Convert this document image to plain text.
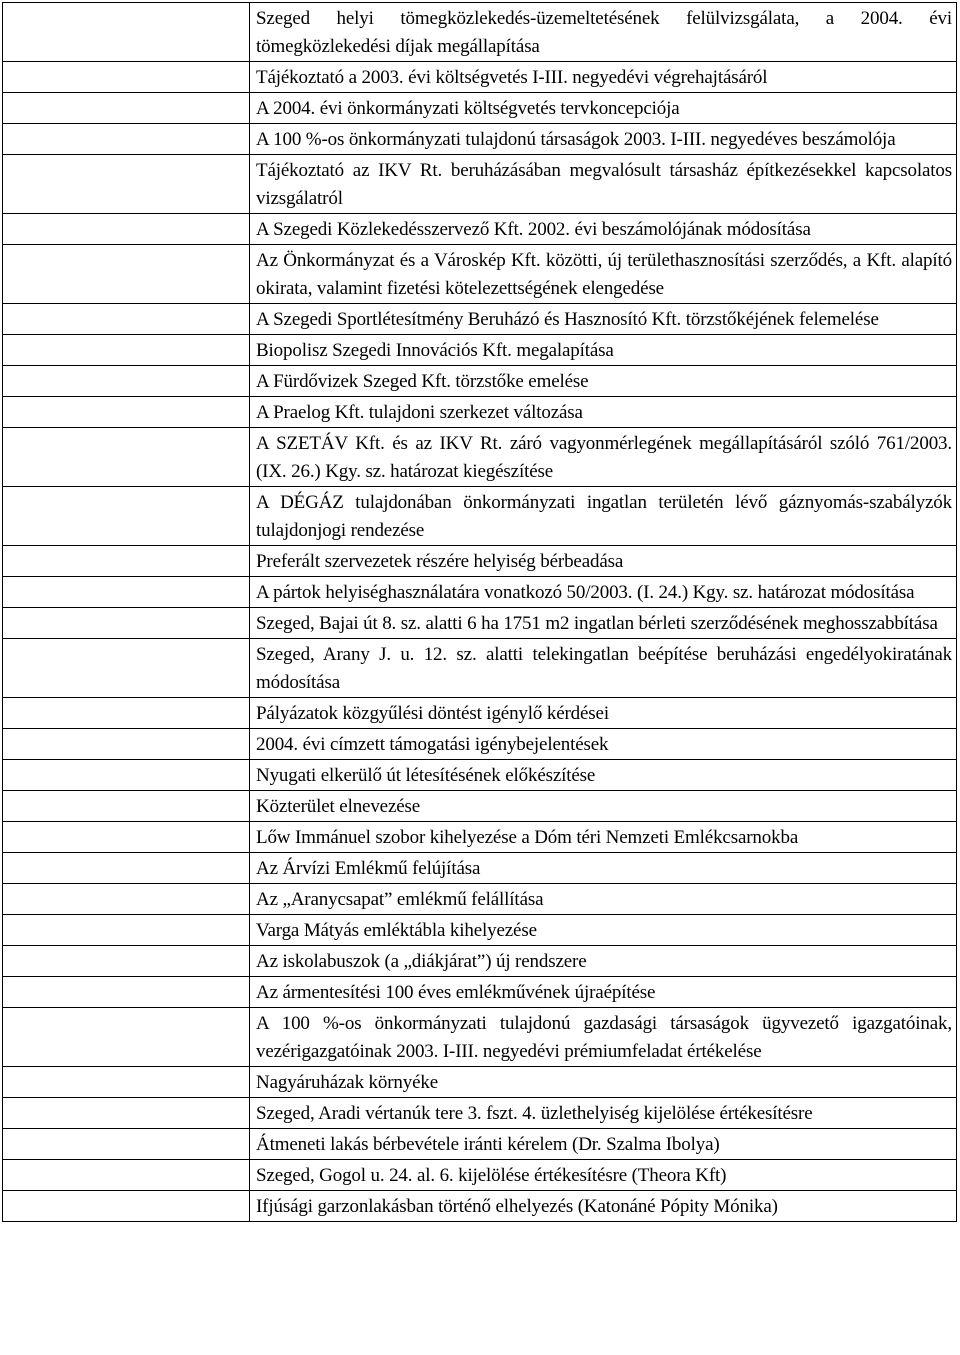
	Szeged helyi tömegközlekedés-üzemeltetésének felülvizsgálata, a 2004. évi tömegközlekedési díjak megállapítása

	Tájékoztató a 2003. évi költségvetés I-III. negyedévi végrehajtásáról

	A 2004. évi önkormányzati költségvetés tervkoncepciója

	A 100 %-os önkormányzati tulajdonú társaságok 2003. I-III. negyedéves beszámolója

	Tájékoztató az IKV Rt. beruházásában megvalósult társasház építkezésekkel kapcsolatos vizsgálatról

	A Szegedi Közlekedésszervező Kft. 2002. évi beszámolójának módosítása

	Az Önkormányzat és a Városkép Kft. közötti, új területhasznosítási szerződés, a Kft. alapító okirata, valamint fizetési kötelezettségének elengedése

	A Szegedi Sportlétesítmény Beruházó és Hasznosító Kft. törzstőkéjének felemelése

	Biopolisz Szegedi Innovációs Kft. megalapítása

	A Fürdővizek Szeged Kft. törzstőke emelése

	A Praelog Kft. tulajdoni szerkezet változása

	A SZETÁV Kft. és az IKV Rt. záró vagyonmérlegének megállapításáról szóló 761/2003. (IX. 26.) Kgy. sz. határozat kiegészítése

	A DÉGÁZ tulajdonában önkormányzati ingatlan területén lévő gáznyomás-szabályzók tulajdonjogi rendezése

	Preferált szervezetek részére helyiség bérbeadása

	A pártok helyiséghasználatára vonatkozó 50/2003. (I. 24.) Kgy. sz. határozat módosítása

	Szeged, Bajai út 8. sz. alatti 6 ha 1751 m2 ingatlan bérleti szerződésének meghosszabbítása

	Szeged, Arany J. u. 12. sz. alatti telekingatlan beépítése beruházási engedélyokiratának módosítása

	Pályázatok közgyűlési döntést igénylő kérdései

	2004. évi címzett támogatási igénybejelentések

	Nyugati elkerülő út létesítésének előkészítése

	Közterület elnevezése

	Lőw Immánuel szobor kihelyezése a Dóm téri Nemzeti Emlékcsarnokba

	Az Árvízi Emlékmű felújítása

	Az „Aranycsapat” emlékmű felállítása

	Varga Mátyás emléktábla kihelyezése

	Az iskolabuszok (a „diákjárat”) új rendszere

	Az ármentesítési 100 éves emlékművének újraépítése

	A 100 %-os önkormányzati tulajdonú gazdasági társaságok ügyvezető igazgatóinak, vezérigazgatóinak 2003. I-III. negyedévi prémiumfeladat értékelése

	Nagyáruházak környéke

	Szeged, Aradi vértanúk tere 3. fszt. 4. üzlethelyiség kijelölése értékesítésre

	Átmeneti lakás bérbevétele iránti kérelem (Dr. Szalma Ibolya)

	Szeged, Gogol u. 24. al. 6. kijelölése értékesítésre (Theora Kft)

	Ifjúsági garzonlakásban történő elhelyezés (Katonáné Pópity Mónika)
